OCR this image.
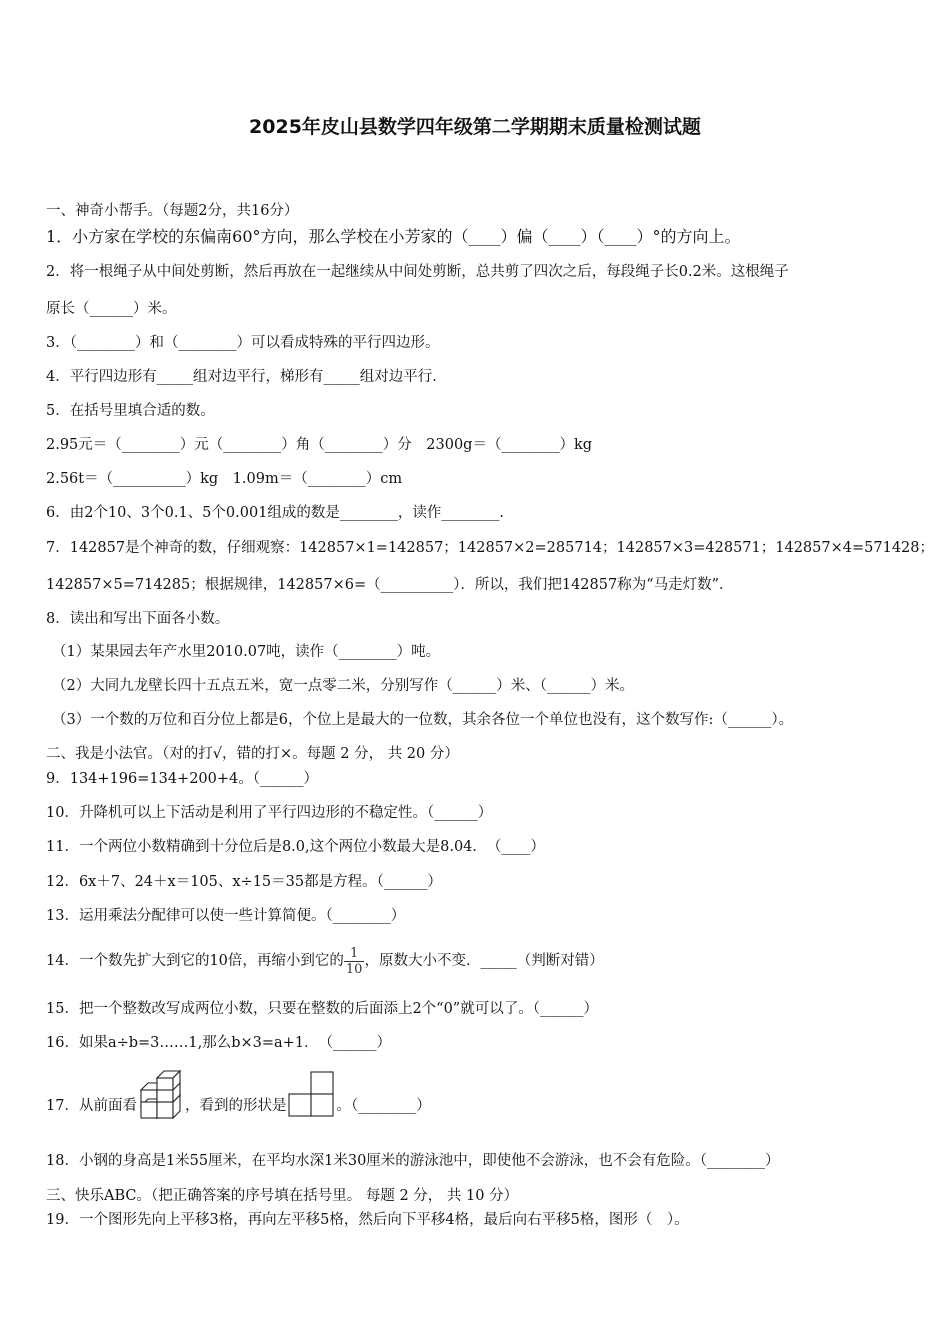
2025年皮山县数学四年级第二学期期末质量检测试题
一、神奇小帮手。（每题2分，共16分）
1．小方家在学校的东偏南60°方向，那么学校在小芳家的（____）偏（____）（____）°的方向上。
2．将一根绳子从中间处剪断，然后再放在一起继续从中间处剪断，总共剪了四次之后，每段绳子长0.2米。这根绳子
原长（______）米。
3．（________）和（________）可以看成特殊的平行四边形。
4．平行四边形有_____组对边平行，梯形有_____组对边平行.
5．在括号里填合适的数。
2.95元＝（________）元（________）角（________）分　2300g＝（________）kg
2.56t＝（__________）kg　1.09m＝（________）cm
6．由2个10、3个0.1、5个0.001组成的数是________，读作________.
7．142857是个神奇的数，仔细观察：142857×1=142857；142857×2=285714；142857×3=428571；142857×4=571428；
142857×5=714285；根据规律，142857×6=（__________）．所以，我们把142857称为“马走灯数”．
8．读出和写出下面各小数。
（1）某果园去年产水里2010.07吨，读作（________）吨。
（2）大同九龙壁长四十五点五米，宽一点零二米，分别写作（______）米、（______）米。
（3）一个数的万位和百分位上都是6，个位上是最大的一位数，其余各位一个单位也没有，这个数写作:（______）。
二、我是小法官。（对的打√，错的打×。每题 2 分， 共 20 分）
9．134+196=134+200+4。（______）
10．升降机可以上下活动是利用了平行四边形的不稳定性。（______）
11．一个两位小数精确到十分位后是8.0,这个两位小数最大是8.04．　（____）
12．6x＋7、24＋x＝105、x÷15＝35都是方程。（______）
13．运用乘法分配律可以使一些计算简便。（________）
14．一个数先扩大到它的10倍，再缩小到它的 $\frac{1}{10}$ ，原数大小不变．_____（判断对错）
15．把一个整数改写成两位小数，只要在整数的后面添上2个“0”就可以了。（______）
16．如果a÷b=3……1,那么b×3=a+1．　（______）
17．从前面看	，看到的形状是	。（________）
18．小钢的身高是1米55厘米，在平均水深1米30厘米的游泳池中，即使他不会游泳，也不会有危险。（________）
三、快乐ABC。（把正确答案的序号填在括号里。 每题 2 分， 共 10 分）
19．一个图形先向上平移3格，再向左平移5格，然后向下平移4格，最后向右平移5格，图形（　）。
